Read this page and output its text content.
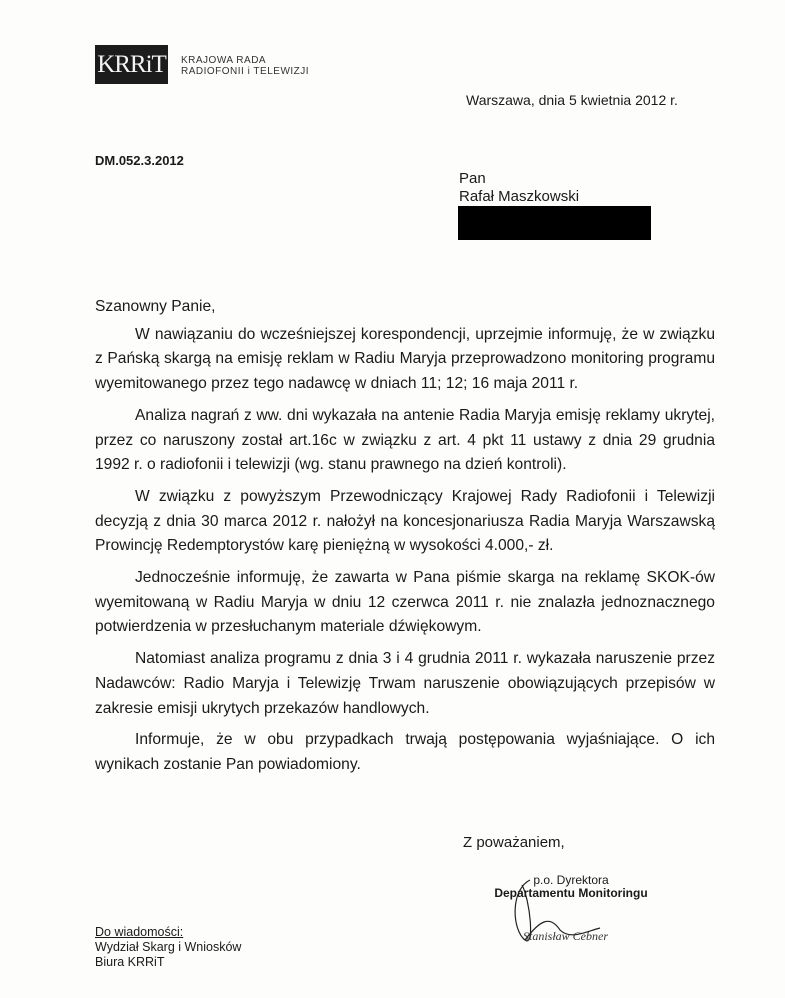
KRRiT KRAJOWA RADA
RADIOFONII i TELEWIZJI
Warszawa, dnia 5 kwietnia 2012 r.
DM.052.3.2012
Pan
Rafał Maszkowski

Szanowny Panie,

W nawiązaniu do wcześniejszej korespondencji, uprzejmie informuję, że w związku z Pańską skargą na emisję reklam w Radiu Maryja przeprowadzono monitoring programu wyemitowanego przez tego nadawcę w dniach 11; 12; 16 maja 2011 r.

Analiza nagrań z ww. dni wykazała na antenie Radia Maryja emisję reklamy ukrytej, przez co naruszony został art.16c w związku z art. 4 pkt 11 ustawy z dnia 29 grudnia 1992 r. o radiofonii i telewizji (wg. stanu prawnego na dzień kontroli).

W związku z powyższym Przewodniczący Krajowej Rady Radiofonii i Telewizji decyzją z dnia 30 marca 2012 r. nałożył na koncesjonariusza Radia Maryja Warszawską Prowincję Redemptorystów karę pieniężną w wysokości 4.000,- zł.

Jednocześnie informuję, że zawarta w Pana piśmie skarga na reklamę SKOK-ów wyemitowaną w Radiu Maryja w dniu 12 czerwca 2011 r. nie znalazła jednoznacznego potwierdzenia w przesłuchanym materiale dźwiękowym.

Natomiast analiza programu z dnia 3 i 4 grudnia 2011 r. wykazała naruszenie przez Nadawców: Radio Maryja i Telewizję Trwam naruszenie obowiązujących przepisów w zakresie emisji ukrytych przekazów handlowych.

Informuje, że w obu przypadkach trwają postępowania wyjaśniające. O ich wynikach zostanie Pan powiadomiony.

Z poważaniem,
p.o. Dyrektora
Departamentu Monitoringu
Stanisław Cebner
Do wiadomości:
Wydział Skarg i Wniosków
Biura KRRiT
